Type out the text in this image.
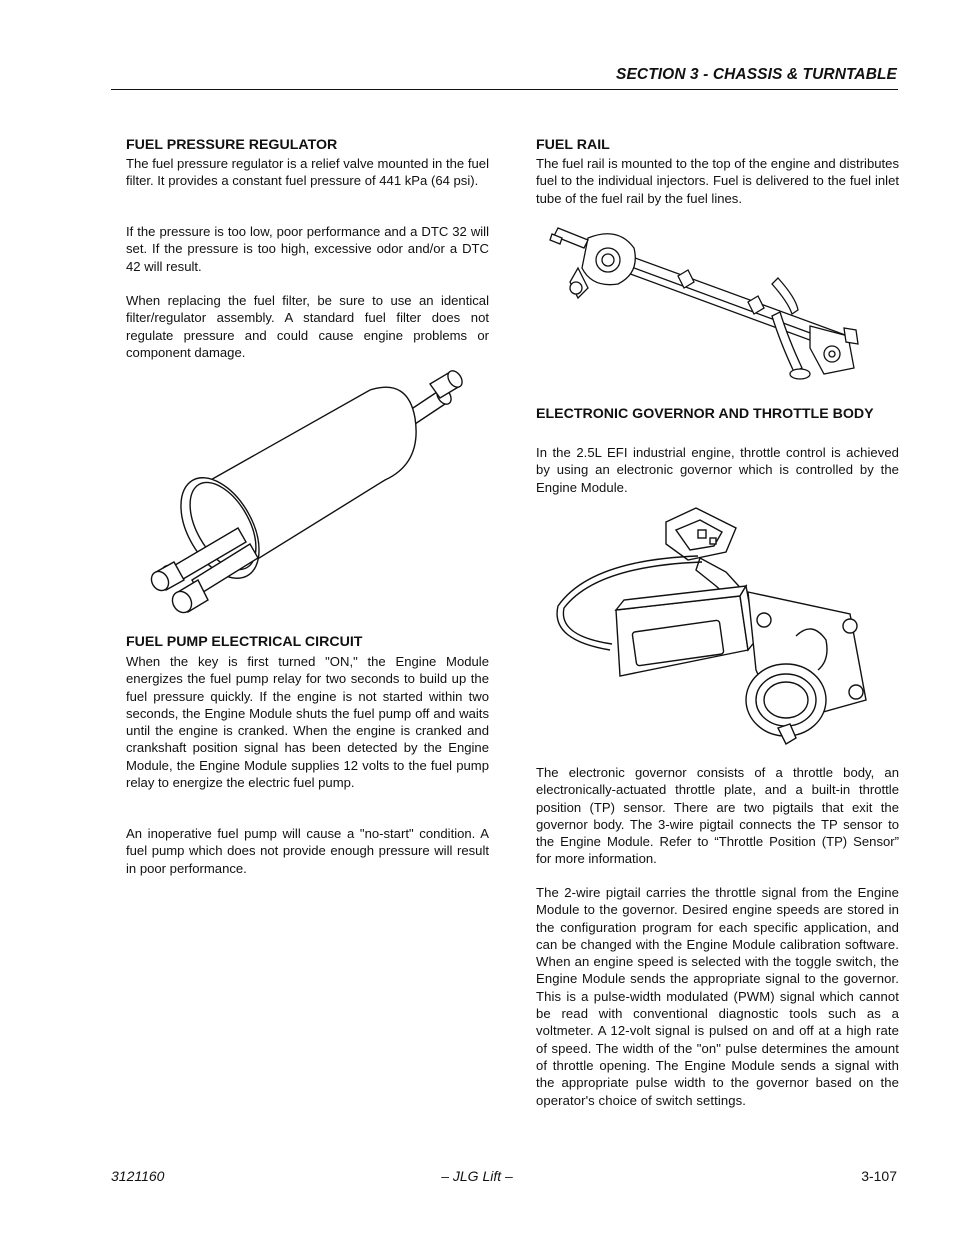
SECTION 3 - CHASSIS & TURNTABLE
FUEL PRESSURE REGULATOR

The fuel pressure regulator is a relief valve mounted in the fuel filter. It provides a constant fuel pressure of 441 kPa (64 psi).

If the pressure is too low, poor performance and a DTC 32 will set. If the pressure is too high, excessive odor and/or a DTC 42 will result.

When replacing the fuel filter, be sure to use an identical filter/regulator assembly. A standard fuel filter does not regulate pressure and could cause engine problems or component damage.

FUEL PUMP ELECTRICAL CIRCUIT

When the key is first turned "ON," the Engine Module energizes the fuel pump relay for two seconds to build up the fuel pressure quickly. If the engine is not started within two seconds, the Engine Module shuts the fuel pump off and waits until the engine is cranked. When the engine is cranked and crankshaft position signal has been detected by the Engine Module, the Engine Module supplies 12 volts to the fuel pump relay to energize the electric fuel pump.

An inoperative fuel pump will cause a "no-start" condition. A fuel pump which does not provide enough pressure will result in poor performance.

FUEL RAIL

The fuel rail is mounted to the top of the engine and distributes fuel to the individual injectors. Fuel is delivered to the fuel inlet tube of the fuel rail by the fuel lines.

ELECTRONIC GOVERNOR AND THROTTLE BODY

In the 2.5L EFI industrial engine, throttle control is achieved by using an electronic governor which is controlled by the Engine Module.

The electronic governor consists of a throttle body, an electronically-actuated throttle plate, and a built-in throttle position (TP) sensor. There are two pigtails that exit the governor body. The 3-wire pigtail connects the TP sensor to the Engine Module. Refer to “Throttle Position (TP) Sensor” for more information.

The 2-wire pigtail carries the throttle signal from the Engine Module to the governor. Desired engine speeds are stored in the configuration program for each specific application, and can be changed with the Engine Module calibration software. When an engine speed is selected with the toggle switch, the Engine Module sends the appropriate signal to the governor. This is a pulse-width modulated (PWM) signal which cannot be read with conventional diagnostic tools such as a voltmeter. A 12-volt signal is pulsed on and off at a high rate of speed. The width of the "on" pulse determines the amount of throttle opening. The Engine Module sends a signal with the appropriate pulse width to the governor based on the operator's choice of switch settings.

3121160	– JLG Lift –	3-107
